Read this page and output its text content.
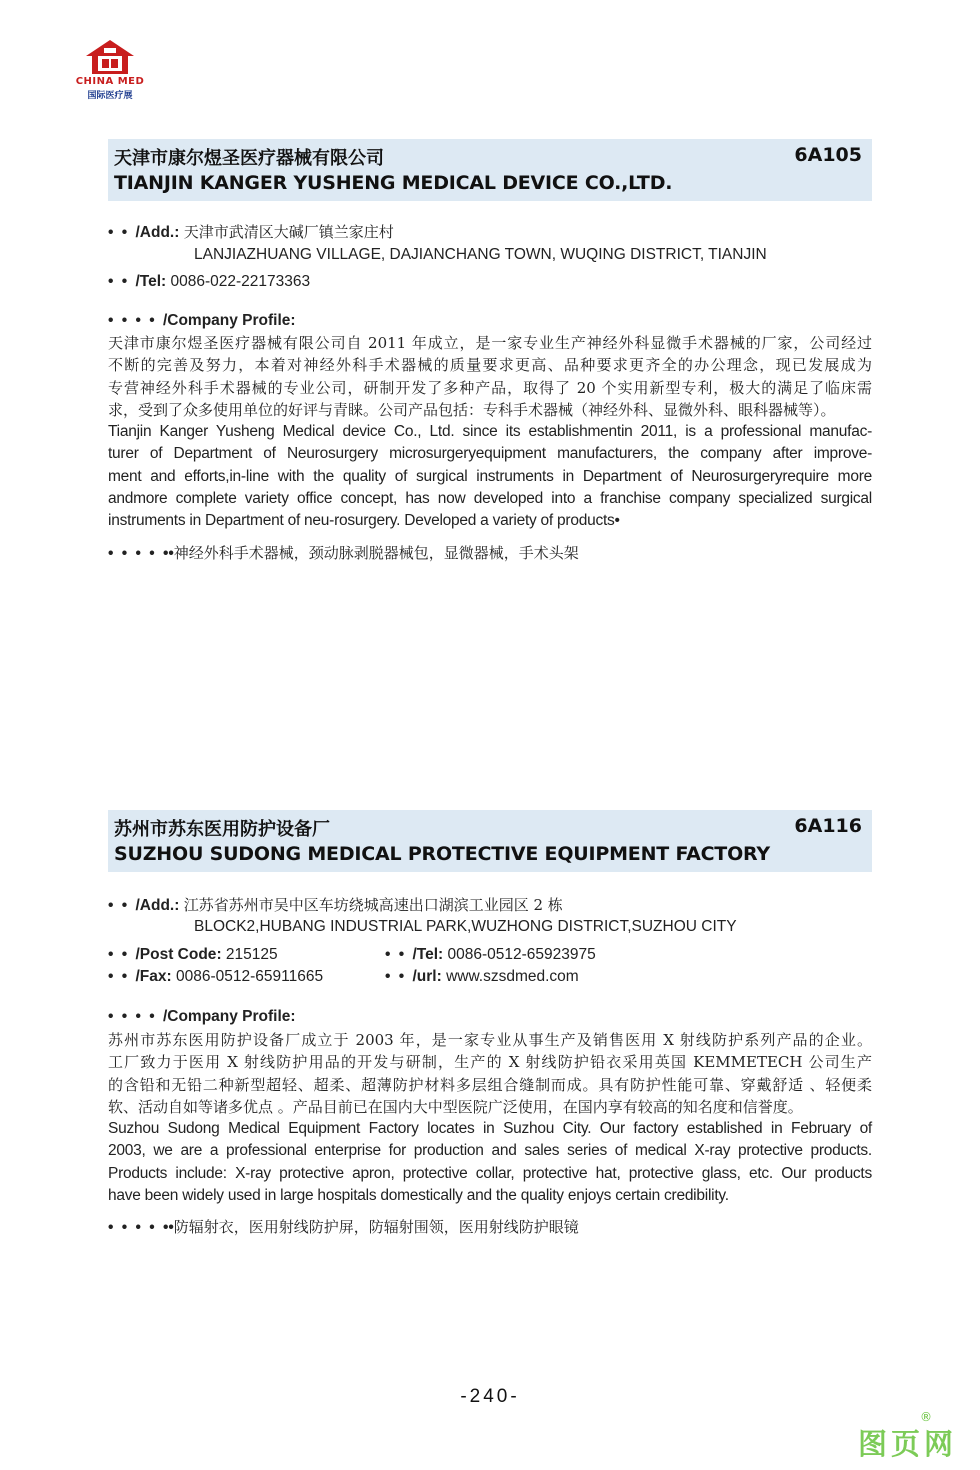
CHINA MED
国际医疗展
天津市康尔煜圣医疗器械有限公司
TIANJIN KANGER YUSHENG MEDICAL DEVICE CO.,LTD.
6A105
• • /Add.: 天津市武清区大碱厂镇兰家庄村
LANJIAZHUANG VILLAGE, DAJIANCHANG TOWN, WUQING DISTRICT, TIANJIN
• • /Tel: 0086-022-22173363
• • • • /Company Profile:

天津市康尔煜圣医疗器械有限公司自 2011 年成立，是一家专业生产神经外科显微手术器械的厂家，公司经过

不断的完善及努力，本着对神经外科手术器械的质量要求更高、品种要求更齐全的办公理念，现已发展成为

专营神经外科手术器械的专业公司，研制开发了多种产品，取得了 20 个实用新型专利，极大的满足了临床需

求，受到了众多使用单位的好评与青睐。公司产品包括：专科手术器械（神经外科、显微外科、眼科器械等）。

Tianjin Kanger Yusheng Medical device Co., Ltd. since its establishmentin 2011, is a professional manufac-

turer of Department of Neurosurgery microsurgeryequipment manufacturers, the company after improve-

ment and efforts,in-line with the quality of surgical instruments in Department of Neurosurgeryrequire more

andmore complete variety office concept, has now developed into a franchise company specialized surgical

instruments in Department of neu-rosurgery. Developed a variety of products•

• • • • ••神经外科手术器械，颈动脉剥脱器械包，显微器械，手术头架
苏州市苏东医用防护设备厂
SUZHOU SUDONG MEDICAL PROTECTIVE EQUIPMENT FACTORY
6A116
• • /Add.: 江苏省苏州市吴中区车坊绕城高速出口湖滨工业园区 2 栋
BLOCK2,HUBANG INDUSTRIAL PARK,WUZHONG DISTRICT,SUZHOU CITY
• • /Post Code: 215125	• • /Tel: 0086-0512-65923975
• • /Fax: 0086-0512-65911665	• • /url: www.szsdmed.com
• • • • /Company Profile:

苏州市苏东医用防护设备厂成立于 2003 年，是一家专业从事生产及销售医用 X 射线防护系列产品的企业。

工厂致力于医用 X 射线防护用品的开发与研制，生产的 X 射线防护铅衣采用英国 KEMMETECH 公司生产

的含铅和无铅二种新型超轻、超柔、超薄防护材料多层组合缝制而成。具有防护性能可靠、穿戴舒适 、轻便柔

软、活动自如等诸多优点 。产品目前已在国内大中型医院广泛使用，在国内享有较高的知名度和信誉度。

Suzhou Sudong Medical Equipment Factory locates in Suzhou City. Our factory established in February of

2003, we are a professional enterprise for production and sales series of medical X-ray protective products.

Products include: X-ray protective apron, protective collar, protective hat, protective glass, etc. Our products

have been widely used in large hospitals domestically and the quality enjoys certain credibility.

• • • • ••防辐射衣，医用射线防护屏，防辐射围领，医用射线防护眼镜
-240-
图页网
®
